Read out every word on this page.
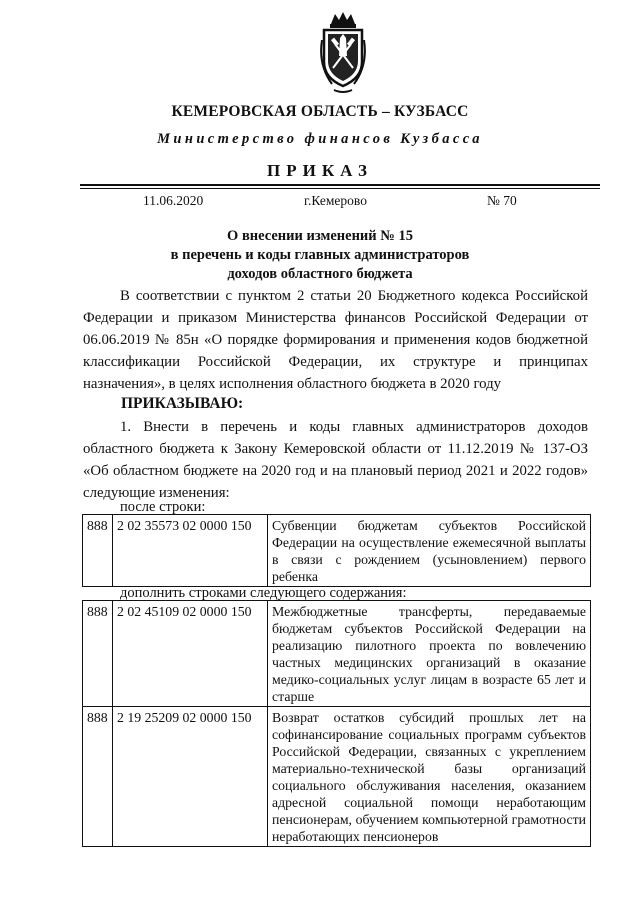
КЕМЕРОВСКАЯ ОБЛАСТЬ – КУЗБАСС
Министерство финансов Кузбасса
ПРИКАЗ
11.06.2020	г.Кемерово	№ 70
О внесении изменений № 15
в перечень и коды главных администраторов
доходов областного бюджета

В соответствии с пунктом 2 статьи 20 Бюджетного кодекса Российской Федерации и приказом Министерства финансов Российской Федерации от 06.06.2019 № 85н «О порядке формирования и применения кодов бюджетной классификации Российской Федерации, их структуре и принципах назначения», в целях исполнения областного бюджета в 2020 году

ПРИКАЗЫВАЮ:

1. Внести в перечень и коды главных администраторов доходов областного бюджета к Закону Кемеровской области от 11.12.2019 № 137-ОЗ «Об областном бюджете на 2020 год и на плановый период 2021 и 2022 годов» следующие изменения:

после строки:
888	2 02 35573 02 0000 150	Субвенции бюджетам субъектов Российской Федерации на осуществление ежемесячной выплаты в связи с рождением (усыновлением) первого ребенка
дополнить строками следующего содержания:
888	2 02 45109 02 0000 150	Межбюджетные трансферты, передаваемые бюджетам субъектов Российской Федерации на реализацию пилотного проекта по вовлечению частных медицинских организаций в оказание медико-социальных услуг лицам в возрасте 65 лет и старше
888	2 19 25209 02 0000 150	Возврат остатков субсидий прошлых лет на софинансирование социальных программ субъектов Российской Федерации, связанных с укреплением материально-технической базы организаций социального обслуживания населения, оказанием адресной социальной помощи неработающим пенсионерам, обучением компьютерной грамотности неработающих пенсионеров
